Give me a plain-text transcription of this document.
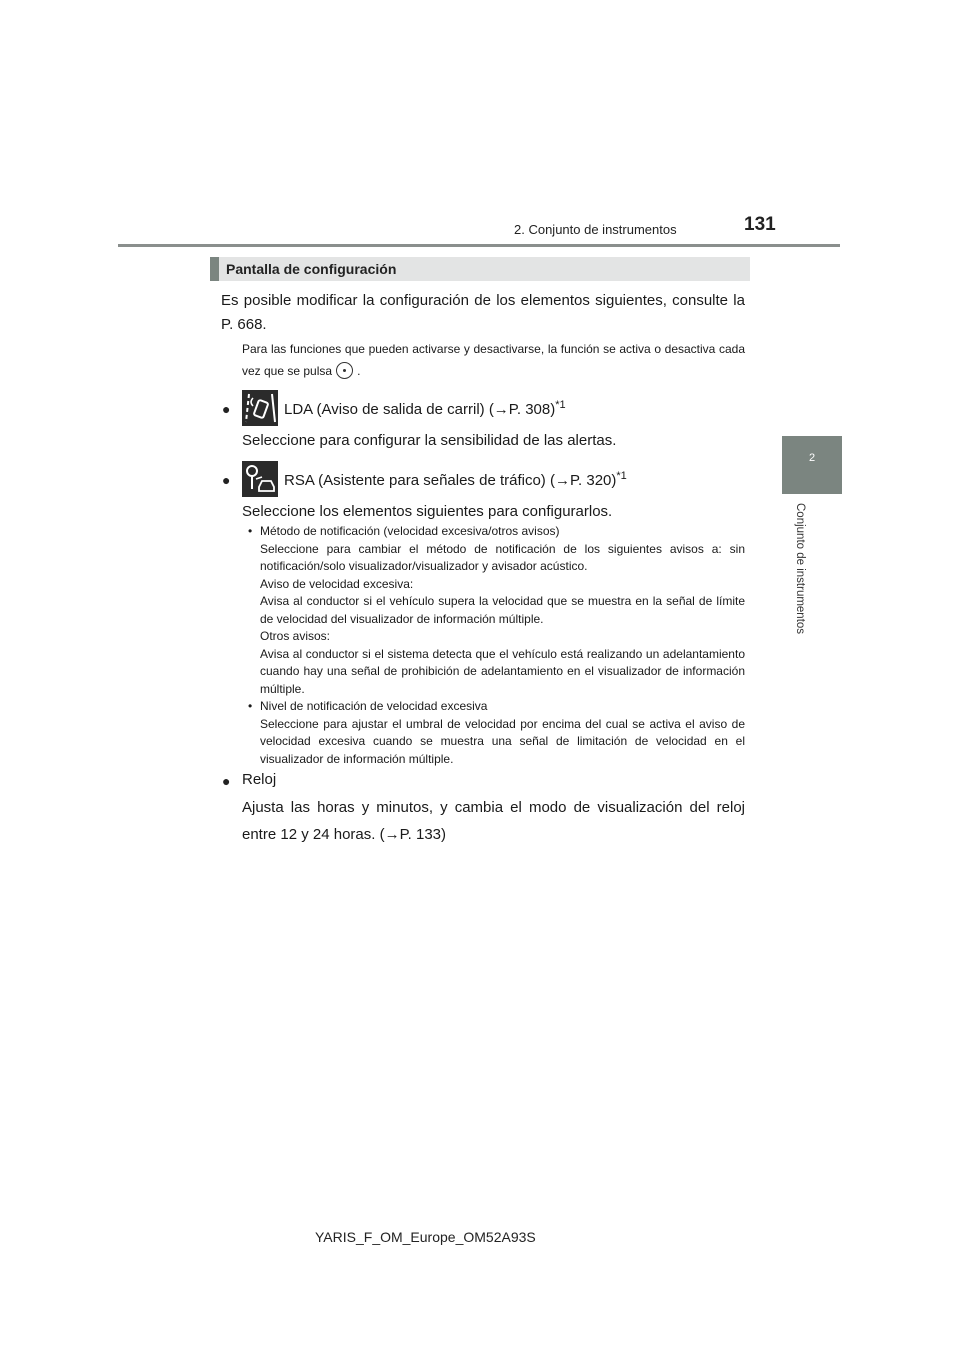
2. Conjunto de instrumentos	131
2
Conjunto de instrumentos
Pantalla de configuración
Es posible modificar la configuración de los elementos siguientes, consulte la P. 668.
Para las funciones que pueden activarse y desactivarse, la función se activa o desactiva cada vez que se pulsa .
●	LDA (Aviso de salida de carril) (→P. 308)$^{*1}$
Seleccione para configurar la sensibilidad de las alertas.
●	RSA (Asistente para señales de tráfico) (→P. 320)$^{*1}$
Seleccione los elementos siguientes para configurarlos.
• Método de notificación (velocidad excesiva/otros avisos)
Seleccione para cambiar el método de notificación de los siguientes avisos a: sin notificación/solo visualizador/visualizador y avisador acústico.
Aviso de velocidad excesiva:
Avisa al conductor si el vehículo supera la velocidad que se muestra en la señal de límite de velocidad del visualizador de información múltiple.
Otros avisos:
Avisa al conductor si el sistema detecta que el vehículo está realizando un adelantamiento cuando hay una señal de prohibición de adelantamiento en el visualizador de información múltiple.
• Nivel de notificación de velocidad excesiva
Seleccione para ajustar el umbral de velocidad por encima del cual se activa el aviso de velocidad excesiva cuando se muestra una señal de limitación de velocidad en el visualizador de información múltiple.
● Reloj
Ajusta las horas y minutos, y cambia el modo de visualización del reloj entre 12 y 24 horas. (→P. 133)
YARIS_F_OM_Europe_OM52A93S
